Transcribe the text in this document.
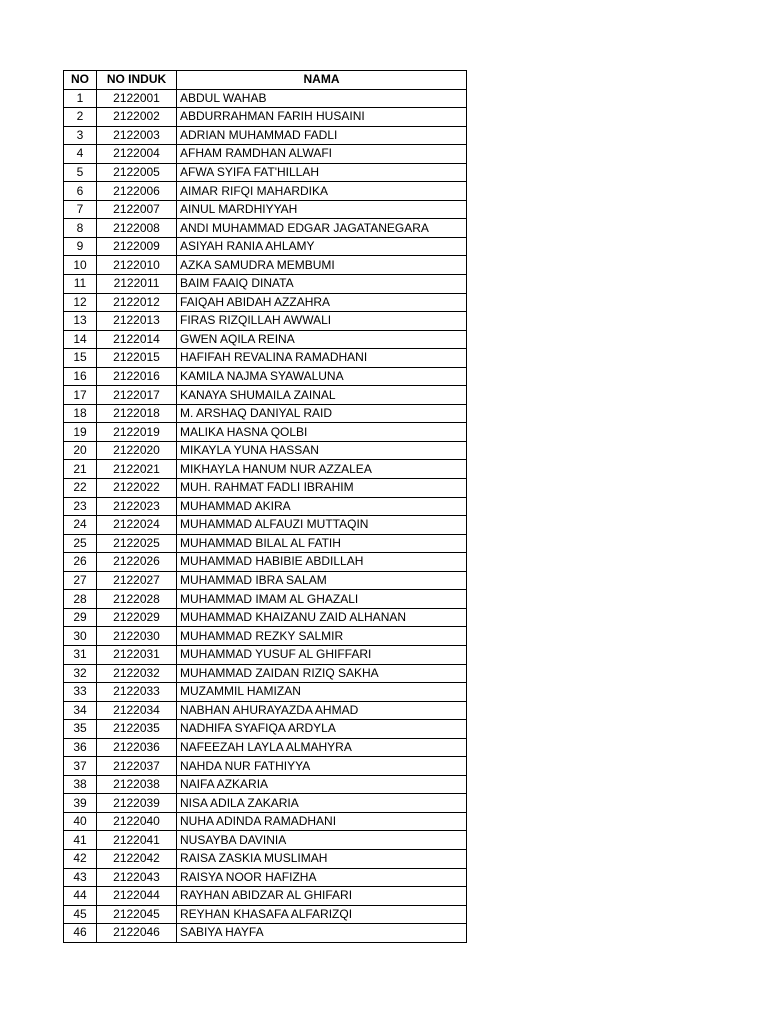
NO	NO INDUK	NAMA
1	2122001	ABDUL WAHAB
2	2122002	ABDURRAHMAN FARIH HUSAINI
3	2122003	ADRIAN MUHAMMAD FADLI
4	2122004	AFHAM RAMDHAN ALWAFI
5	2122005	AFWA SYIFA FAT'HILLAH
6	2122006	AIMAR RIFQI MAHARDIKA
7	2122007	AINUL MARDHIYYAH
8	2122008	ANDI MUHAMMAD EDGAR JAGATANEGARA
9	2122009	ASIYAH RANIA AHLAMY
10	2122010	AZKA SAMUDRA MEMBUMI
11	2122011	BAIM FAAIQ DINATA
12	2122012	FAIQAH ABIDAH AZZAHRA
13	2122013	FIRAS RIZQILLAH AWWALI
14	2122014	GWEN AQILA REINA
15	2122015	HAFIFAH REVALINA RAMADHANI
16	2122016	KAMILA NAJMA SYAWALUNA
17	2122017	KANAYA SHUMAILA ZAINAL
18	2122018	M. ARSHAQ DANIYAL RAID
19	2122019	MALIKA HASNA QOLBI
20	2122020	MIKAYLA YUNA HASSAN
21	2122021	MIKHAYLA HANUM NUR AZZALEA
22	2122022	MUH. RAHMAT FADLI IBRAHIM
23	2122023	MUHAMMAD AKIRA
24	2122024	MUHAMMAD ALFAUZI MUTTAQIN
25	2122025	MUHAMMAD BILAL AL FATIH
26	2122026	MUHAMMAD HABIBIE ABDILLAH
27	2122027	MUHAMMAD IBRA SALAM
28	2122028	MUHAMMAD IMAM AL GHAZALI
29	2122029	MUHAMMAD KHAIZANU ZAID ALHANAN
30	2122030	MUHAMMAD REZKY SALMIR
31	2122031	MUHAMMAD YUSUF AL GHIFFARI
32	2122032	MUHAMMAD ZAIDAN RIZIQ SAKHA
33	2122033	MUZAMMIL HAMIZAN
34	2122034	NABHAN AHURAYAZDA AHMAD
35	2122035	NADHIFA SYAFIQA ARDYLA
36	2122036	NAFEEZAH LAYLA ALMAHYRA
37	2122037	NAHDA NUR FATHIYYA
38	2122038	NAIFA AZKARIA
39	2122039	NISA ADILA ZAKARIA
40	2122040	NUHA ADINDA RAMADHANI
41	2122041	NUSAYBA DAVINIA
42	2122042	RAISA ZASKIA MUSLIMAH
43	2122043	RAISYA NOOR HAFIZHA
44	2122044	RAYHAN ABIDZAR AL GHIFARI
45	2122045	REYHAN KHASAFA ALFARIZQI
46	2122046	SABIYA HAYFA
